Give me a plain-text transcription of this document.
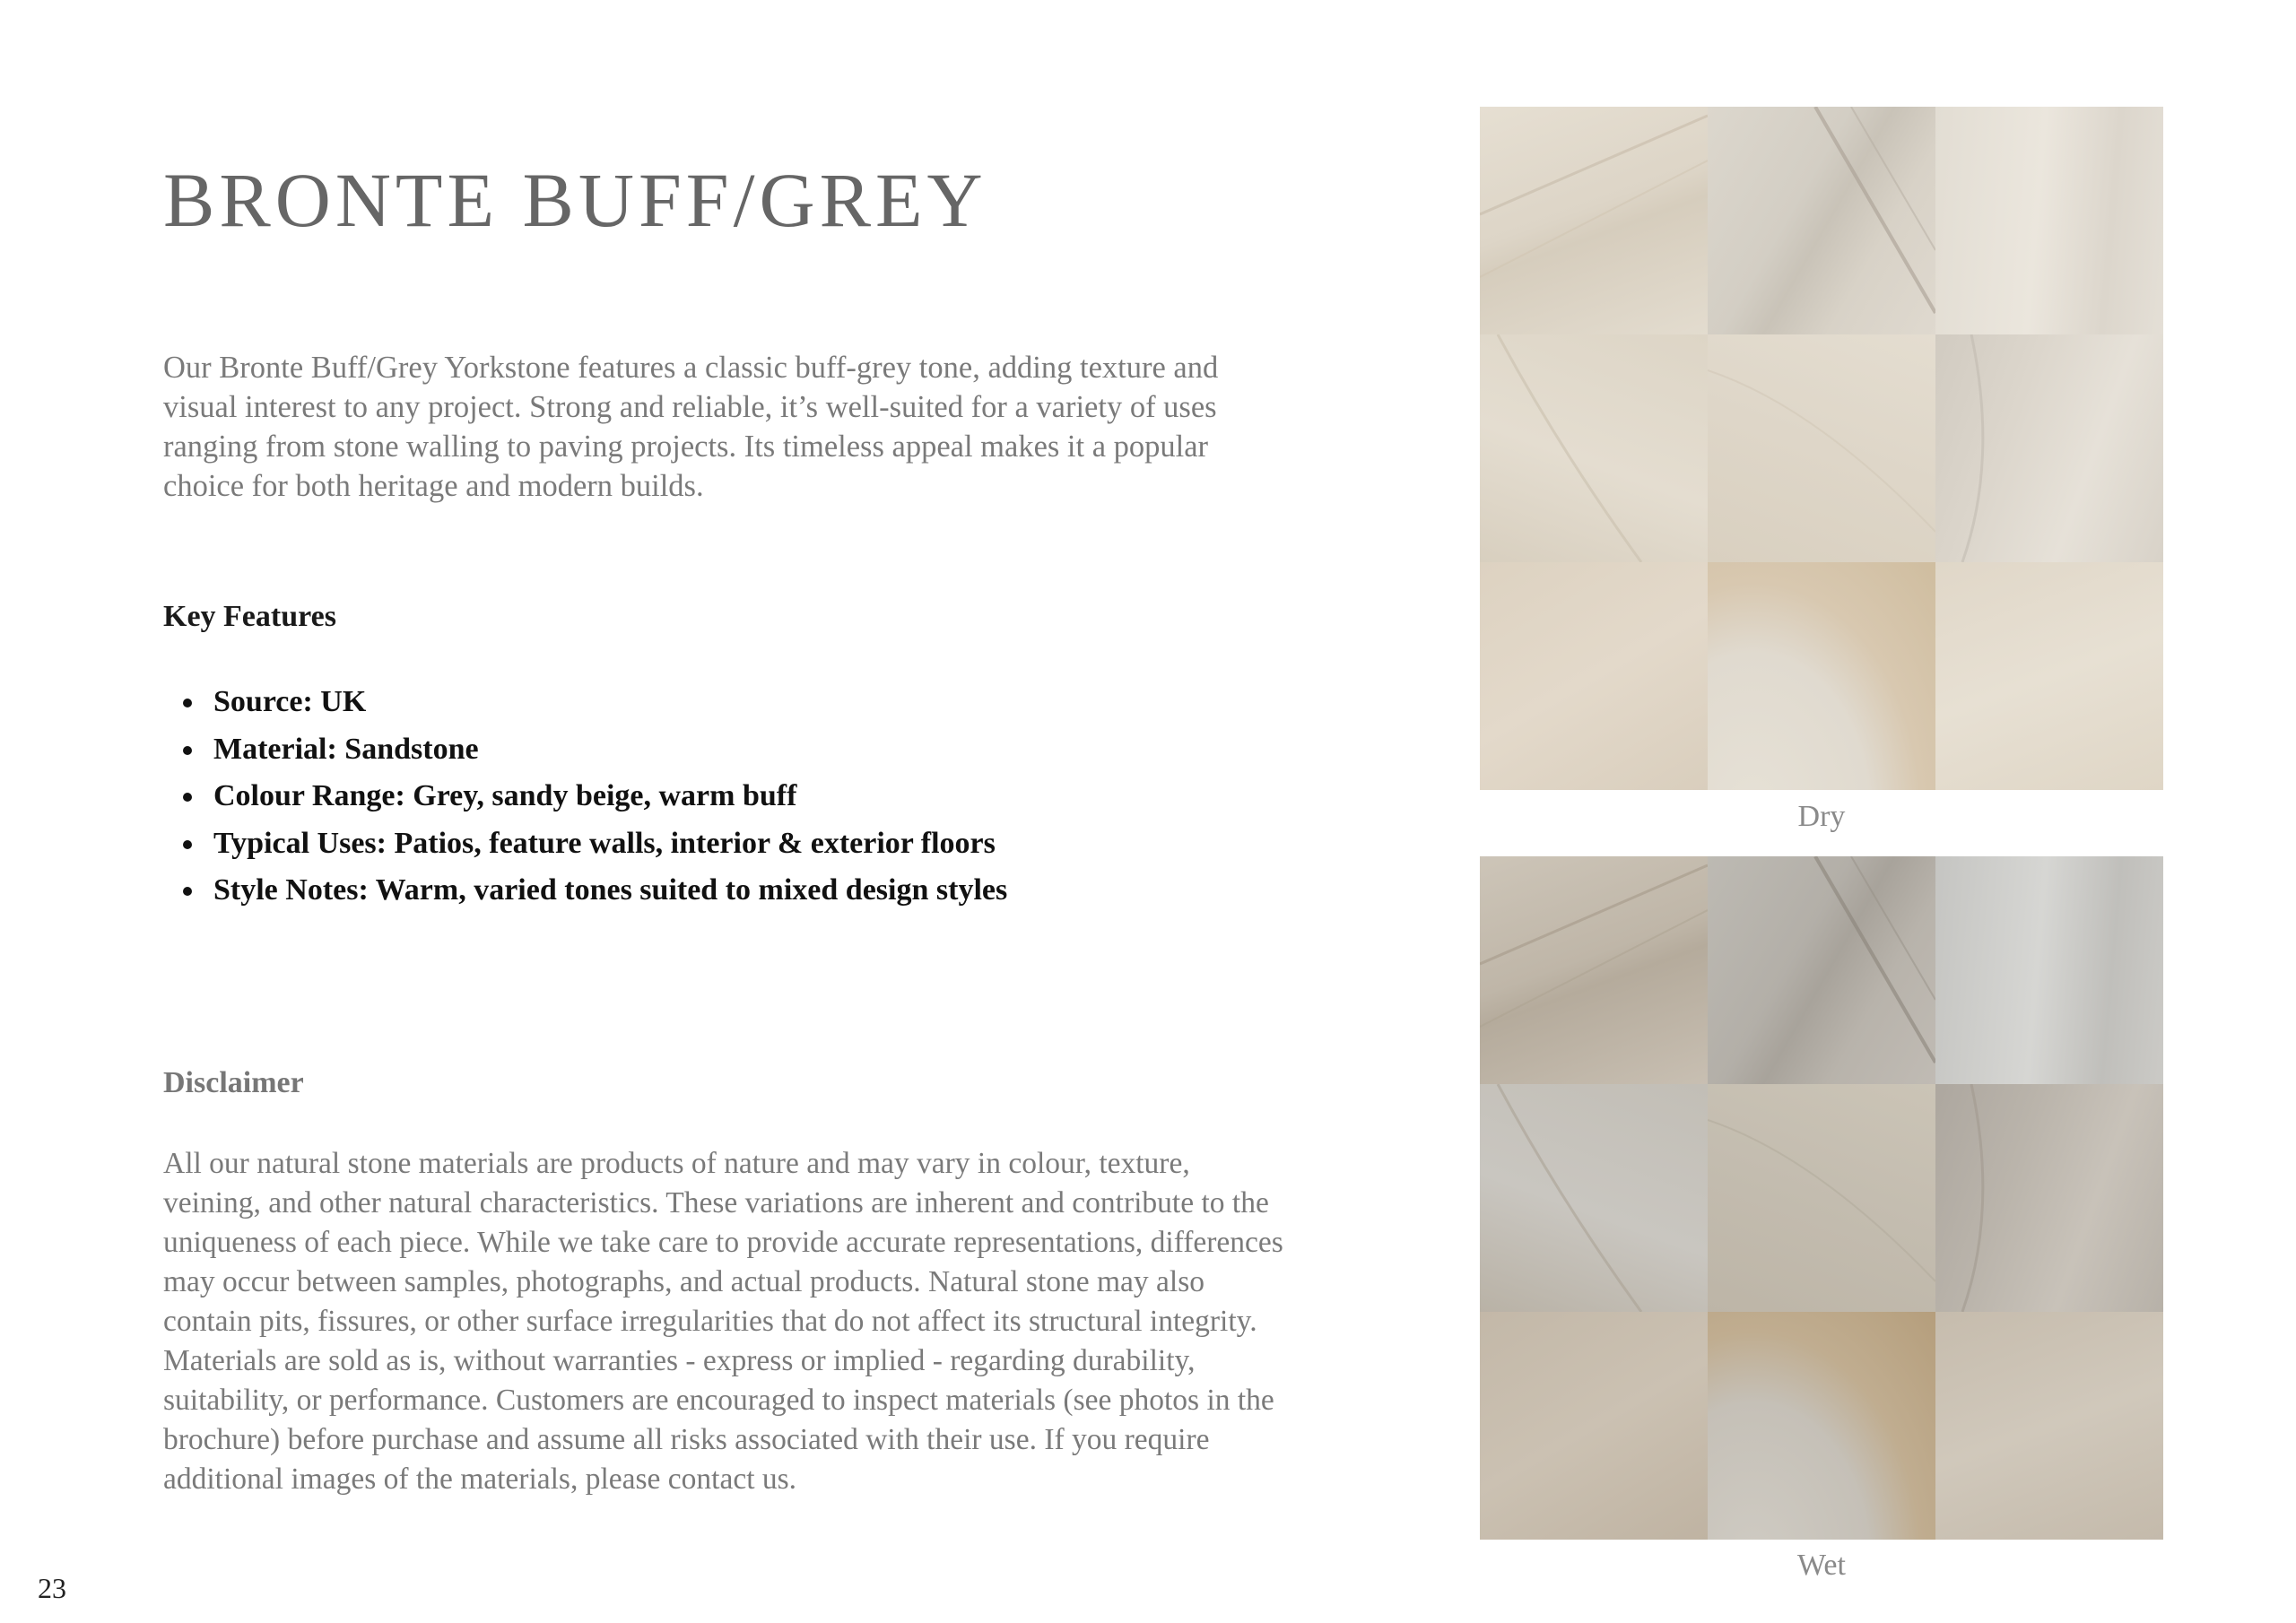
BRONTE BUFF/GREY

Our Bronte Buff/Grey Yorkstone features a classic buff-grey tone, adding texture and visual interest to any project. Strong and reliable, it’s well-suited for a variety of uses ranging from stone walling to paving projects. Its timeless appeal makes it a popular choice for both heritage and modern builds.

Key Features
Source: UK
Material: Sandstone
Colour Range: Grey, sandy beige, warm buff
Typical Uses: Patios, feature walls, interior & exterior floors
Style Notes: Warm, varied tones suited to mixed design styles
Disclaimer

All our natural stone materials are products of nature and may vary in colour, texture, veining, and other natural characteristics. These variations are inherent and contribute to the uniqueness of each piece. While we take care to provide accurate representations, differences may occur between samples, photographs, and actual products. Natural stone may also contain pits, fissures, or other surface irregularities that do not affect its structural integrity. Materials are sold as is, without warranties - express or implied - regarding durability, suitability, or performance. Customers are encouraged to inspect materials (see photos in the brochure) before purchase and assume all risks associated with their use. If you require additional images of the materials, please contact us.

Dry
Wet
23
